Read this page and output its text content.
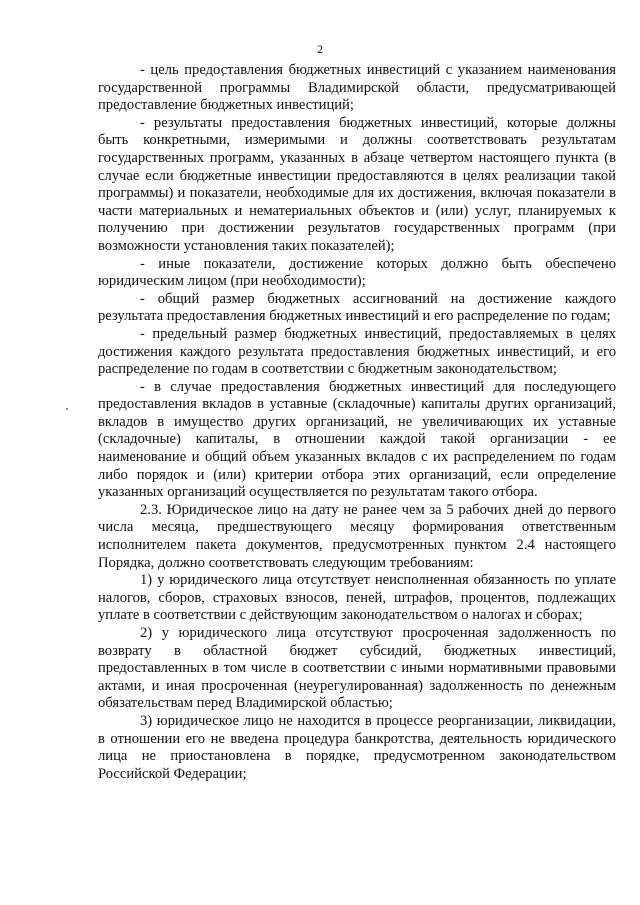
2

- цель предоставления бюджетных инвестиций с указанием наименования государственной программы Владимирской области, предусматривающей предоставление бюджетных инвестиций;

- результаты предоставления бюджетных инвестиций, которые должны быть конкретными, измеримыми и должны соответствовать результатам государственных программ, указанных в абзаце четвертом настоящего пункта (в случае если бюджетные инвестиции предоставляются в целях реализации такой программы) и показатели, необходимые для их достижения, включая показатели в части материальных и нематериальных объектов и (или) услуг, планируемых к получению при достижении результатов государственных программ (при возможности установления таких показателей);

- иные показатели, достижение которых должно быть обеспечено юридическим лицом (при необходимости);

- общий размер бюджетных ассигнований на достижение каждого результата предоставления бюджетных инвестиций и его распределение по годам;

- предельный размер бюджетных инвестиций, предоставляемых в целях достижения каждого результата предоставления бюджетных инвестиций, и его распределение по годам в соответствии с бюджетным законодательством;

- в случае предоставления бюджетных инвестиций для последующего предоставления вкладов в уставные (складочные) капиталы других организаций, вкладов в имущество других организаций, не увеличивающих их уставные (складочные) капиталы, в отношении каждой такой организации - ее наименование и общий объем указанных вкладов с их распределением по годам либо порядок и (или) критерии отбора этих организаций, если определение указанных организаций осуществляется по результатам такого отбора.

2.3. Юридическое лицо на дату не ранее чем за 5 рабочих дней до первого числа месяца, предшествующего месяцу формирования ответственным исполнителем пакета документов, предусмотренных пунктом 2.4 настоящего Порядка, должно соответствовать следующим требованиям:

1) у юридического лица отсутствует неисполненная обязанность по уплате налогов, сборов, страховых взносов, пеней, штрафов, процентов, подлежащих уплате в соответствии с действующим законодательством о налогах и сборах;

2) у юридического лица отсутствуют просроченная задолженность по возврату в областной бюджет субсидий, бюджетных инвестиций, предоставленных в том числе в соответствии с иными нормативными правовыми актами, и иная просроченная (неурегулированная) задолженность по денежным обязательствам перед Владимирской областью;

3) юридическое лицо не находится в процессе реорганизации, ликвидации, в отношении его не введена процедура банкротства, деятельность юридического лица не приостановлена в порядке, предусмотренном законодательством Российской Федерации;
